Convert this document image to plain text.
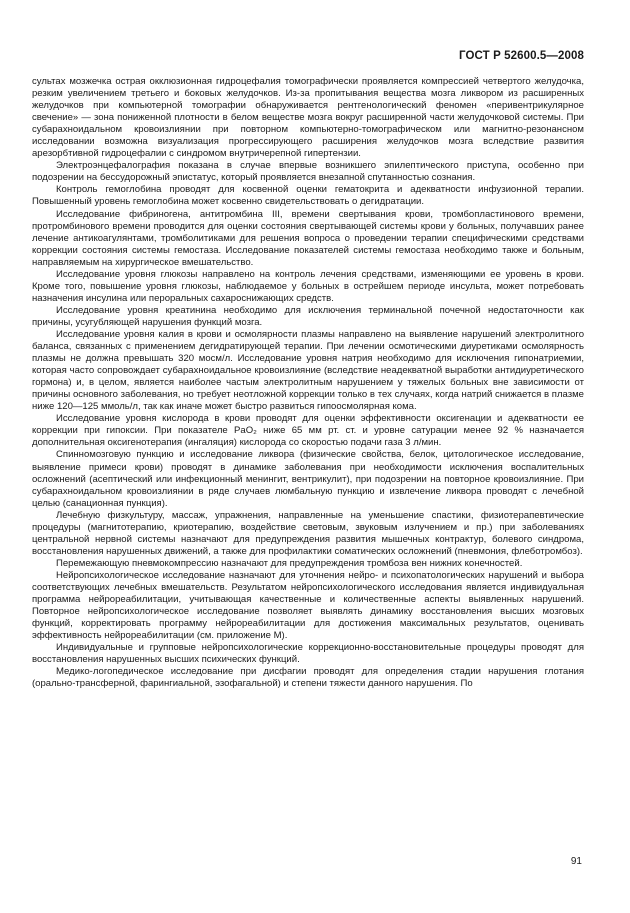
ГОСТ Р 52600.5—2008

сультах мозжечка острая окклюзионная гидроцефалия томографически проявляется компрессией четвертого желудочка, резким увеличением третьего и боковых желудочков. Из-за пропитывания вещества мозга ликвором из расширенных желудочков при компьютерной томографии обнаруживается рентгенологический феномен «перивентрикулярное свечение» — зона пониженной плотности в белом веществе мозга вокруг расширенной части желудочковой системы. При субарахноидальном кровоизлиянии при повторном компьютерно-томографическом или магнитно-резонансном исследовании возможна визуализация прогрессирующего расширения желудочков мозга вследствие развития арезорбтивной гидроцефалии с синдромом внутричерепной гипертензии.

Электроэнцефалография показана в случае впервые возникшего эпилептического приступа, особенно при подозрении на бессудорожный эпистатус, который проявляется внезапной спутанностью сознания.

Контроль гемоглобина проводят для косвенной оценки гематокрита и адекватности инфузионной терапии. Повышенный уровень гемоглобина может косвенно свидетельствовать о дегидратации.

Исследование фибриногена, антитромбина III, времени свертывания крови, тромбопластинового времени, протромбинового времени проводится для оценки состояния свертывающей системы крови у больных, получавших ранее лечение антикоагулянтами, тромболитиками для решения вопроса о проведении терапии специфическими средствами коррекции состояния системы гемостаза. Исследование показателей системы гемостаза необходимо также и больным, направляемым на хирургическое вмешательство.

Исследование уровня глюкозы направлено на контроль лечения средствами, изменяющими ее уровень в крови. Кроме того, повышение уровня глюкозы, наблюдаемое у больных в острейшем периоде инсульта, может потребовать назначения инсулина или пероральных сахароснижающих средств.

Исследование уровня креатинина необходимо для исключения терминальной почечной недостаточности как причины, усугубляющей нарушения функций мозга.

Исследование уровня калия в крови и осмолярности плазмы направлено на выявление нарушений электролитного баланса, связанных с применением дегидратирующей терапии. При лечении осмотическими диуретиками осмолярность плазмы не должна превышать 320 мосм/л. Исследование уровня натрия необходимо для исключения гипонатриемии, которая часто сопровождает субарахноидальное кровоизлияние (вследствие неадекватной выработки антидиуретического гормона) и, в целом, является наиболее частым электролитным нарушением у тяжелых больных вне зависимости от причины основного заболевания, но требует неотложной коррекции только в тех случаях, когда натрий снижается в плазме ниже 120—125 ммоль/л, так как иначе может быстро развиться гипоосмолярная кома.

Исследование уровня кислорода в крови проводят для оценки эффективности оксигенации и адекватности ее коррекции при гипоксии. При показателе PaO₂ ниже 65 мм рт. ст. и уровне сатурации менее 92 % назначается дополнительная оксигенотерапия (ингаляция) кислорода со скоростью подачи газа 3 л/мин.

Спинномозговую пункцию и исследование ликвора (физические свойства, белок, цитологическое исследование, выявление примеси крови) проводят в динамике заболевания при необходимости исключения воспалительных осложнений (асептический или инфекционный менингит, вентрикулит), при подозрении на повторное кровоизлияние. При субарахноидальном кровоизлиянии в ряде случаев люмбальную пункцию и извлечение ликвора проводят с лечебной целью (санационная пункция).

Лечебную физкультуру, массаж, упражнения, направленные на уменьшение спастики, физиотерапевтические процедуры (магнитотерапию, криотерапию, воздействие световым, звуковым излучением и пр.) при заболеваниях центральной нервной системы назначают для предупреждения развития мышечных контрактур, болевого синдрома, восстановления нарушенных движений, а также для профилактики соматических осложнений (пневмония, флеботромбоз).

Перемежающую пневмокомпрессию назначают для предупреждения тромбоза вен нижних конечностей.

Нейропсихологическое исследование назначают для уточнения нейро- и психопатологических нарушений и выбора соответствующих лечебных вмешательств. Результатом нейропсихологического исследования является индивидуальная программа нейрореабилитации, учитывающая качественные и количественные аспекты выявленных нарушений. Повторное нейропсихологическое исследование позволяет выявлять динамику восстановления высших мозговых функций, корректировать программу нейрореабилитации для достижения максимальных результатов, оценивать эффективность нейрореабилитации (см. приложение М).

Индивидуальные и групповые нейропсихологические коррекционно-восстановительные процедуры проводят для восстановления нарушенных высших психических функций.

Медико-логопедическое исследование при дисфагии проводят для определения стадии нарушения глотания (орально-трансферной, фарингиальной, эзофагальной) и степени тяжести данного нарушения. По

91
